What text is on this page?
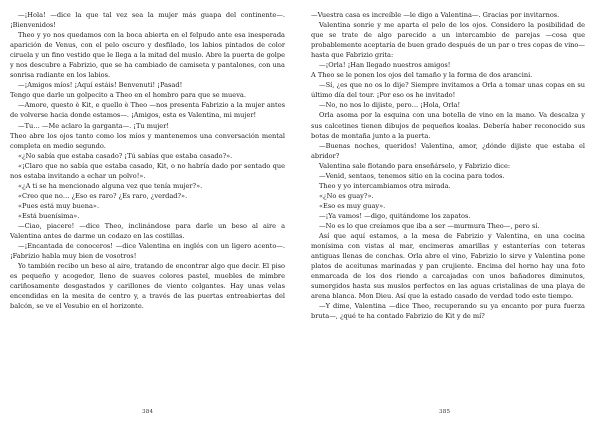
—¡Hola! —dice la que tal vez sea la mujer más guapa del continente—. ¡Bienvenidos!

Theo y yo nos quedamos con la boca abierta en el felpudo ante esa inesperada aparición de Venus, con el pelo oscuro y desfilado, los labios pintados de color ciruela y un fino vestido que le llega a la mitad del muslo. Abre la puerta de golpe y nos descubre a Fabrizio, que se ha cambiado de camiseta y pantalones, con una sonrisa radiante en los labios.

—¡Amigos míos! ¡Aquí estáis! Benvenuti! ¡Pasad!

Tengo que darle un golpecito a Theo en el hombro para que se mueva.

—Amore, questo è Kit, e quello è Theo —nos presenta Fabrizio a la mujer antes de volverse hacia donde estamos—. ¡Amigos, esta es Valentina, mi mujer!

—Tu… —Me aclaro la garganta—. ¡Tu mujer!

Theo abre los ojos tanto como los míos y mantenemos una conversación mental completa en medio segundo.

«¿No sabía que estaba casado? ¡Tú sabías que estaba casado?».

«¡Claro que no sabía que estaba casado, Kit, o no habría dado por sentado que nos estaba invitando a echar un polvo!».

«¿A ti se ha mencionado alguna vez que tenía mujer?».

«Creo que no… ¿Eso es raro? ¿Es raro, ¿verdad?».

«Pues está muy buena».

«Está buenísima».

—Ciao, piacere! —dice Theo, inclinándose para darle un beso al aire a Valentina antes de darme un codazo en las costillas.

—¡Encantada de conoceros! —dice Valentina en inglés con un ligero acento—. ¡Fabrizio habla muy bien de vosotros!

Yo también recibo un beso al aire, tratando de encontrar algo que decir. El piso es pequeño y acogedor, lleno de suaves colores pastel, muebles de mimbre cariñosamente desgastados y carillones de viento colgantes. Hay unas velas encendidas en la mesita de centro y, a través de las puertas entreabiertas del balcón, se ve el Vesubio en el horizonte.

384

—Vuestra casa es increíble —le digo a Valentina—. Gracias por invitarnos.

Valentina sonríe y me aparta el pelo de los ojos. Considero la posibilidad de que se trate de algo parecido a un intercambio de parejas —cosa que probablemente aceptaría de buen grado después de un par o tres copas de vino— hasta que Fabrizio grita:

—¡Orla! ¡Han llegado nuestros amigos!

A Theo se le ponen los ojos del tamaño y la forma de dos arancini.

—Sí, ¿es que no os lo dije? Siempre invitamos a Orla a tomar unas copas en su último día del tour. ¡Por eso os he invitado!

—No, no nos lo dijiste, pero… ¡Hola, Orla!

Orla asoma por la esquina con una botella de vino en la mano. Va descalza y sus calcetines tienen dibujos de pequeños koalas. Debería haber reconocido sus botas de montaña junto a la puerta.

—Buenas noches, queridos! Valentina, amor, ¿dónde dijiste que estaba el abridor?

Valentina sale flotando para enseñárselo, y Fabrizio dice:

—Venid, sentaos, tenemos sitio en la cocina para todos.

Theo y yo intercambiamos otra mirada.

«¿No es guay?».

«Eso es muy guay».

—¡Ya vamos! —digo, quitándome los zapatos.

—No es lo que creíamos que iba a ser —murmura Theo—, pero sí.

Así que aquí estamos, a la mesa de Fabrizio y Valentina, en una cocina monísima con vistas al mar, encimeras amarillas y estanterías con teteras antiguas llenas de conchas. Orla abre el vino, Fabrizio lo sirve y Valentina pone platos de aceitunas marinadas y pan crujiente. Encima del horno hay una foto enmarcada de los dos riendo a carcajadas con unos bañadores diminutos, sumergidos hasta sus muslos perfectos en las aguas cristalinas de una playa de arena blanca. Mon Dieu. Así que la estado casado de verdad todo este tiempo.

—Y dime, Valentina —dice Theo, recuperando su ya encanto por pura fuerza bruta—, ¿qué te ha contado Fabrizio de Kit y de mí?

385
